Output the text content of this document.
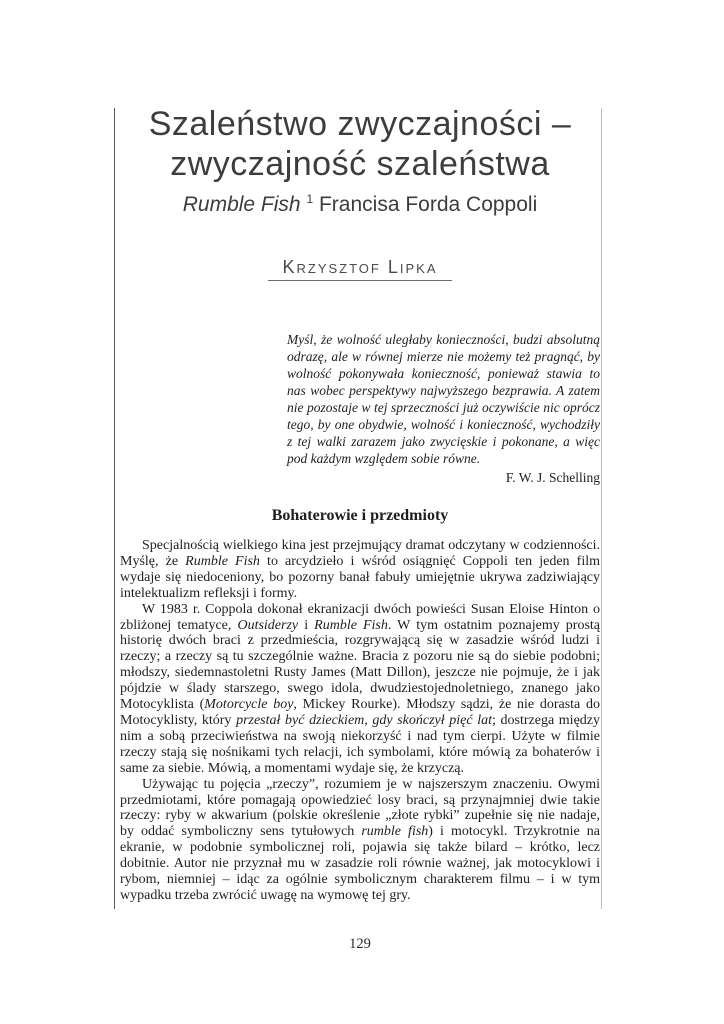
Szaleństwo zwyczajności –
zwyczajność szaleństwa
Rumble Fish $^1$ Francisa Forda Coppoli
Krzysztof Lipka

Myśl, że wolność uległaby konieczności, budzi absolutną odrazę, ale w równej mierze nie możemy też pragnąć, by wolność pokonywała konieczność, ponieważ stawia to nas wobec perspektywy najwyższego bezprawia. A zatem nie pozostaje w tej sprzeczności już oczywiście nic oprócz tego, by one obydwie, wolność i konieczność, wychodziły z tej walki zarazem jako zwycięskie i pokonane, a więc pod każdym względem sobie równe.

F. W. J. Schelling
Bohaterowie i przedmioty

Specjalnością wielkiego kina jest przejmujący dramat odczytany w codzienności. Myślę, że Rumble Fish to arcydzieło i wśród osiągnięć Coppoli ten jeden film wydaje się niedoceniony, bo pozorny banał fabuły umiejętnie ukrywa zadziwiający intelektualizm refleksji i formy.

W 1983 r. Coppola dokonał ekranizacji dwóch powieści Susan Eloise Hinton o zbliżonej tematyce, Outsiderzy i Rumble Fish. W tym ostatnim poznajemy prostą historię dwóch braci z przedmieścia, rozgrywającą się w zasadzie wśród ludzi i rzeczy; a rzeczy są tu szczególnie ważne. Bracia z pozoru nie są do siebie podobni; młodszy, siedemnastoletni Rusty James (Matt Dillon), jeszcze nie pojmuje, że i jak pójdzie w ślady starszego, swego idola, dwudziestojednoletniego, znanego jako Motocyklista (Motorcycle boy, Mickey Rourke). Młodszy sądzi, że nie dorasta do Motocyklisty, który przestał być dzieckiem, gdy skończył pięć lat; dostrzega między nim a sobą przeciwieństwa na swoją niekorzyść i nad tym cierpi. Użyte w filmie rzeczy stają się nośnikami tych relacji, ich symbolami, które mówią za bohaterów i same za siebie. Mówią, a momentami wydaje się, że krzyczą.

Używając tu pojęcia „rzeczy”, rozumiem je w najszerszym znaczeniu. Owymi przedmiotami, które pomagają opowiedzieć losy braci, są przynajmniej dwie takie rzeczy: ryby w akwarium (polskie określenie „złote rybki” zupełnie się nie nadaje, by oddać symboliczny sens tytułowych rumble fish) i motocykl. Trzykrotnie na ekranie, w podobnie symbolicznej roli, pojawia się także bilard – krótko, lecz dobitnie. Autor nie przyznał mu w zasadzie roli równie ważnej, jak motocyklowi i rybom, niemniej – idąc za ogólnie symbolicznym charakterem filmu – i w tym wypadku trzeba zwrócić uwagę na wymowę tej gry.

129
